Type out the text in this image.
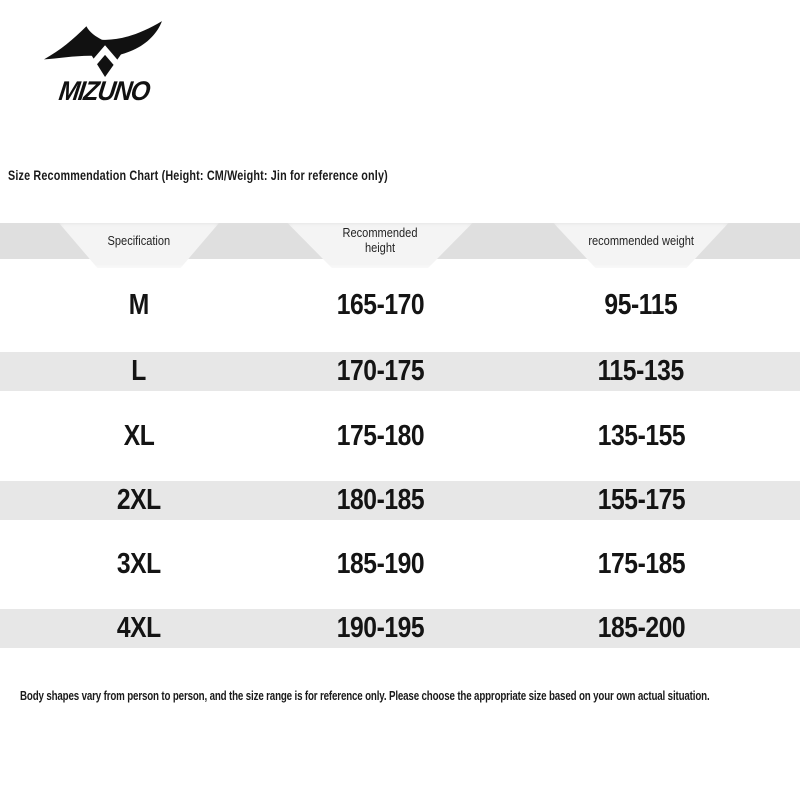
MIZUNO
Size Recommendation Chart (Height: CM/Weight: Jin for reference only)
Specification	Recommended height	recommended weight
M	165-170	95-115
L	170-175	115-135
XL	175-180	135-155
2XL	180-185	155-175
3XL	185-190	175-185
4XL	190-195	185-200
Body shapes vary from person to person, and the size range is for reference only. Please choose the appropriate size based on your own actual situation.
